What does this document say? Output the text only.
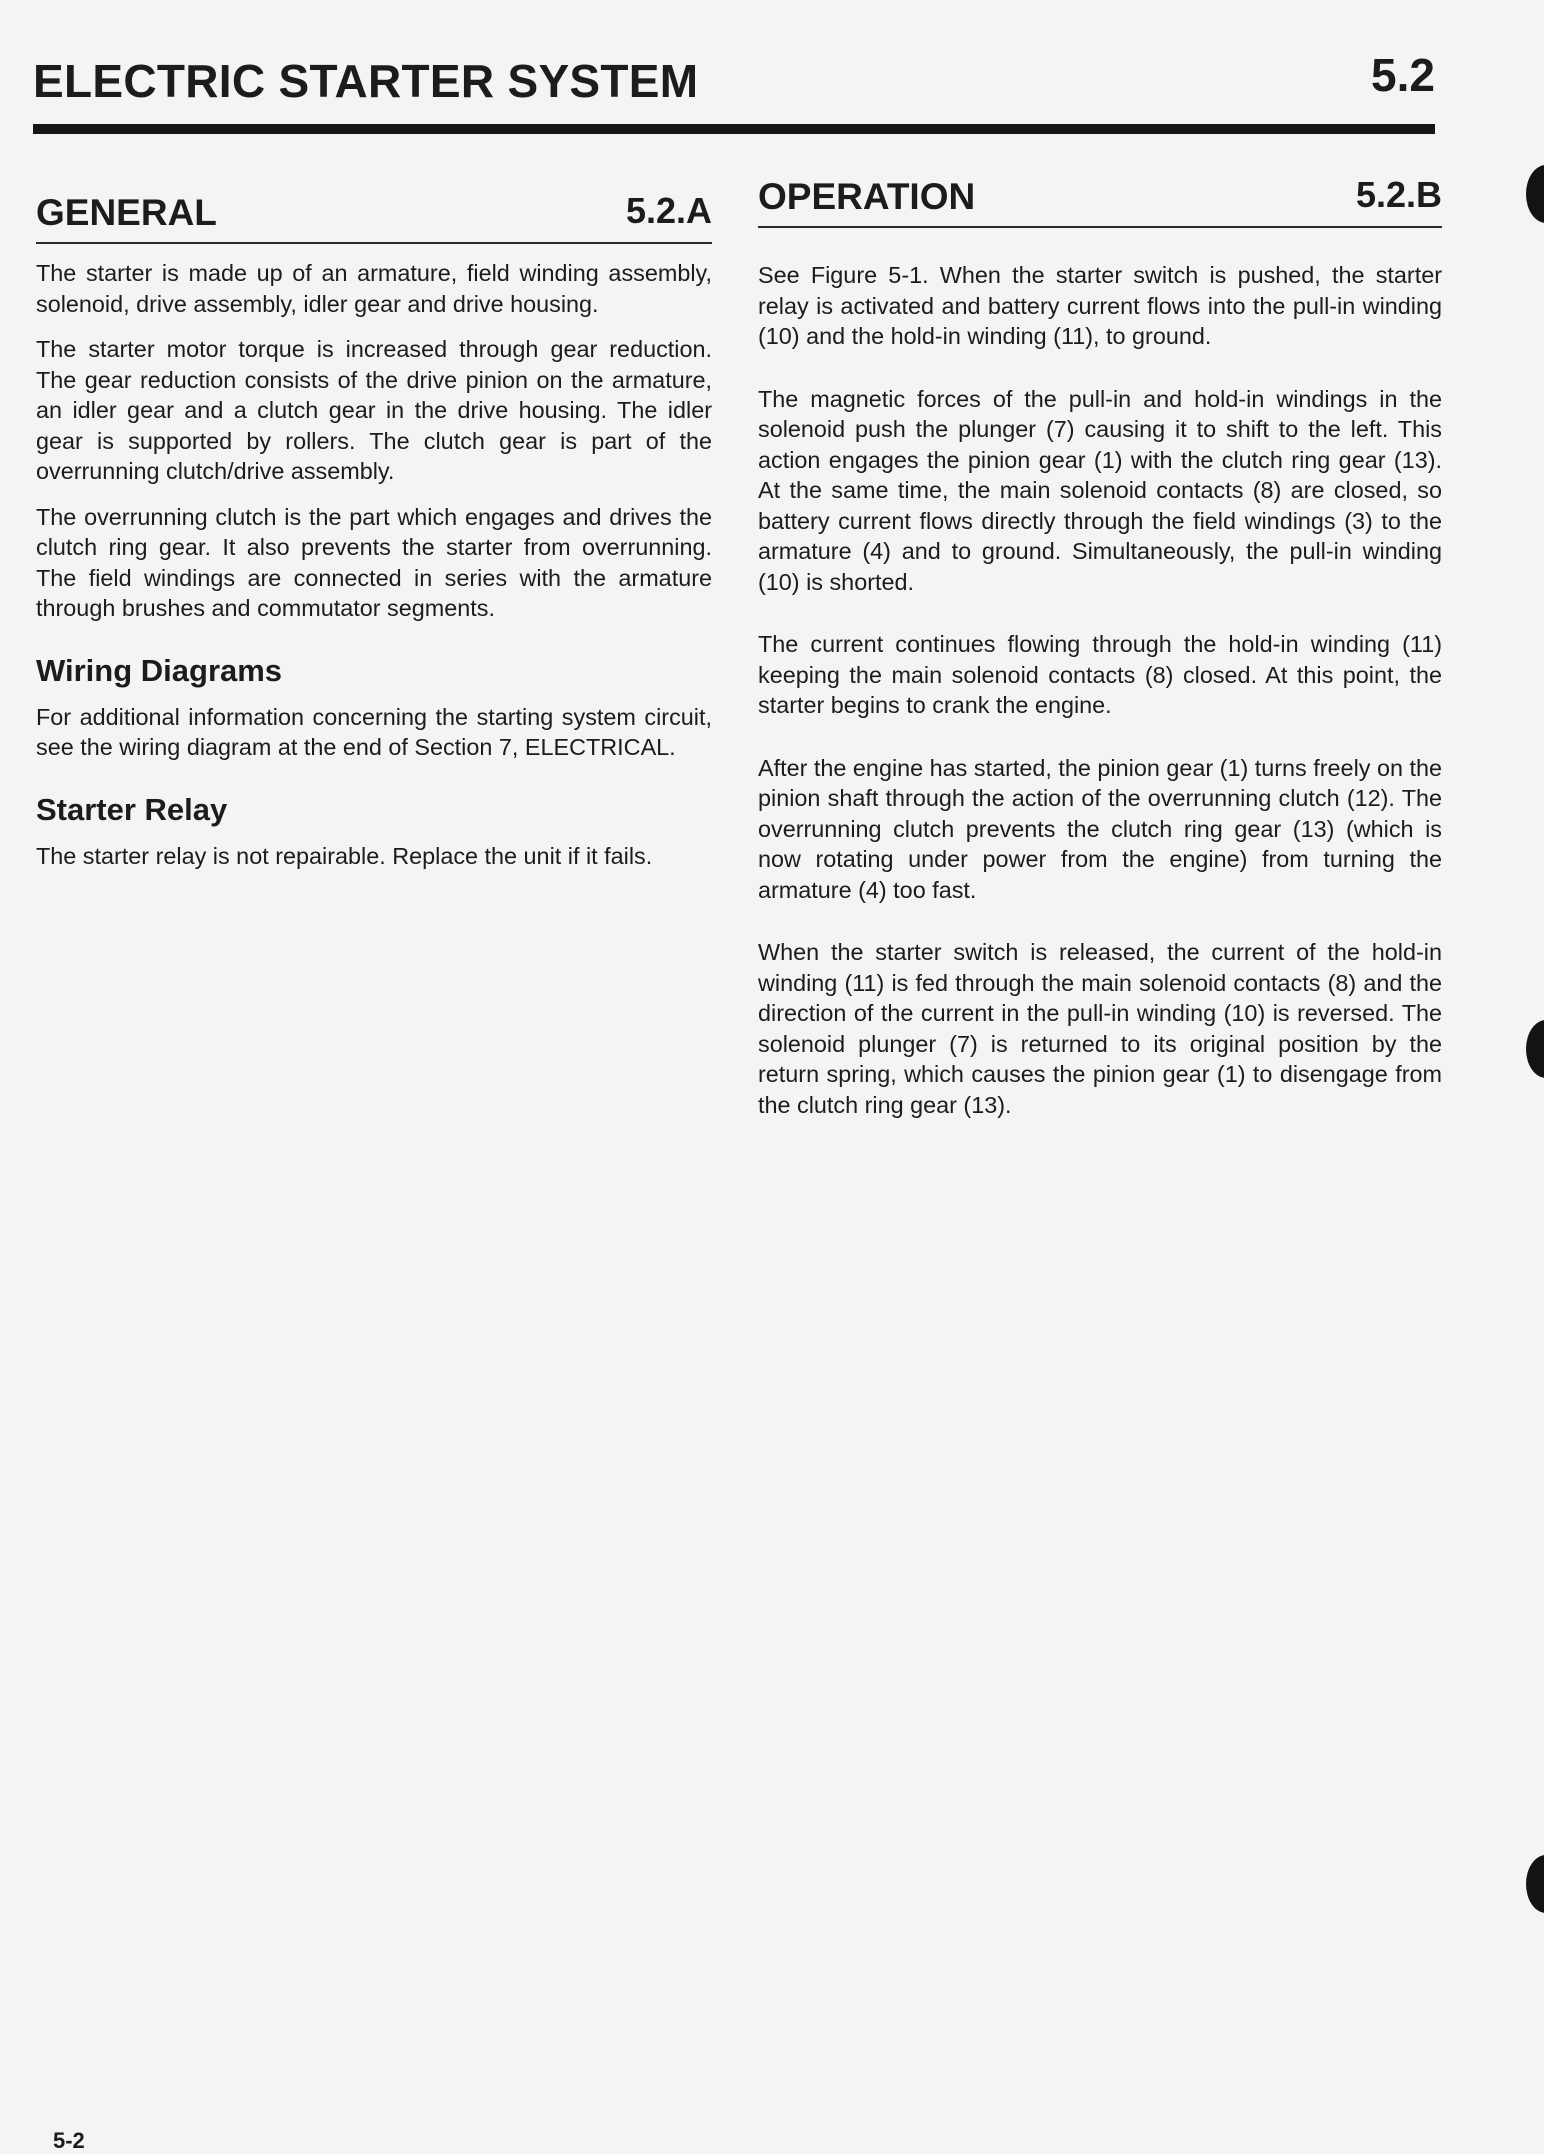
ELECTRIC STARTER SYSTEM	5.2
GENERAL	5.2.A

The starter is made up of an armature, field winding assembly, solenoid, drive assembly, idler gear and drive housing.

The starter motor torque is increased through gear reduction. The gear reduction consists of the drive pinion on the armature, an idler gear and a clutch gear in the drive housing. The idler gear is supported by rollers. The clutch gear is part of the overrunning clutch/drive assembly.

The overrunning clutch is the part which engages and drives the clutch ring gear. It also prevents the starter from overrunning. The field windings are connected in series with the armature through brushes and commutator segments.

Wiring Diagrams

For additional information concerning the starting system circuit, see the wiring diagram at the end of Section 7, ELECTRICAL.

Starter Relay

The starter relay is not repairable. Replace the unit if it fails.

OPERATION	5.2.B

See Figure 5-1. When the starter switch is pushed, the starter relay is activated and battery current flows into the pull-in winding (10) and the hold-in winding (11), to ground.

The magnetic forces of the pull-in and hold-in windings in the solenoid push the plunger (7) causing it to shift to the left. This action engages the pinion gear (1) with the clutch ring gear (13). At the same time, the main solenoid contacts (8) are closed, so battery current flows directly through the field windings (3) to the armature (4) and to ground. Simultaneously, the pull-in winding (10) is shorted.

The current continues flowing through the hold-in winding (11) keeping the main solenoid contacts (8) closed. At this point, the starter begins to crank the engine.

After the engine has started, the pinion gear (1) turns freely on the pinion shaft through the action of the overrunning clutch (12). The overrunning clutch prevents the clutch ring gear (13) (which is now rotating under power from the engine) from turning the armature (4) too fast.

When the starter switch is released, the current of the hold-in winding (11) is fed through the main solenoid contacts (8) and the direction of the current in the pull-in winding (10) is reversed. The solenoid plunger (7) is returned to its original position by the return spring, which causes the pinion gear (1) to disengage from the clutch ring gear (13).

5-2
